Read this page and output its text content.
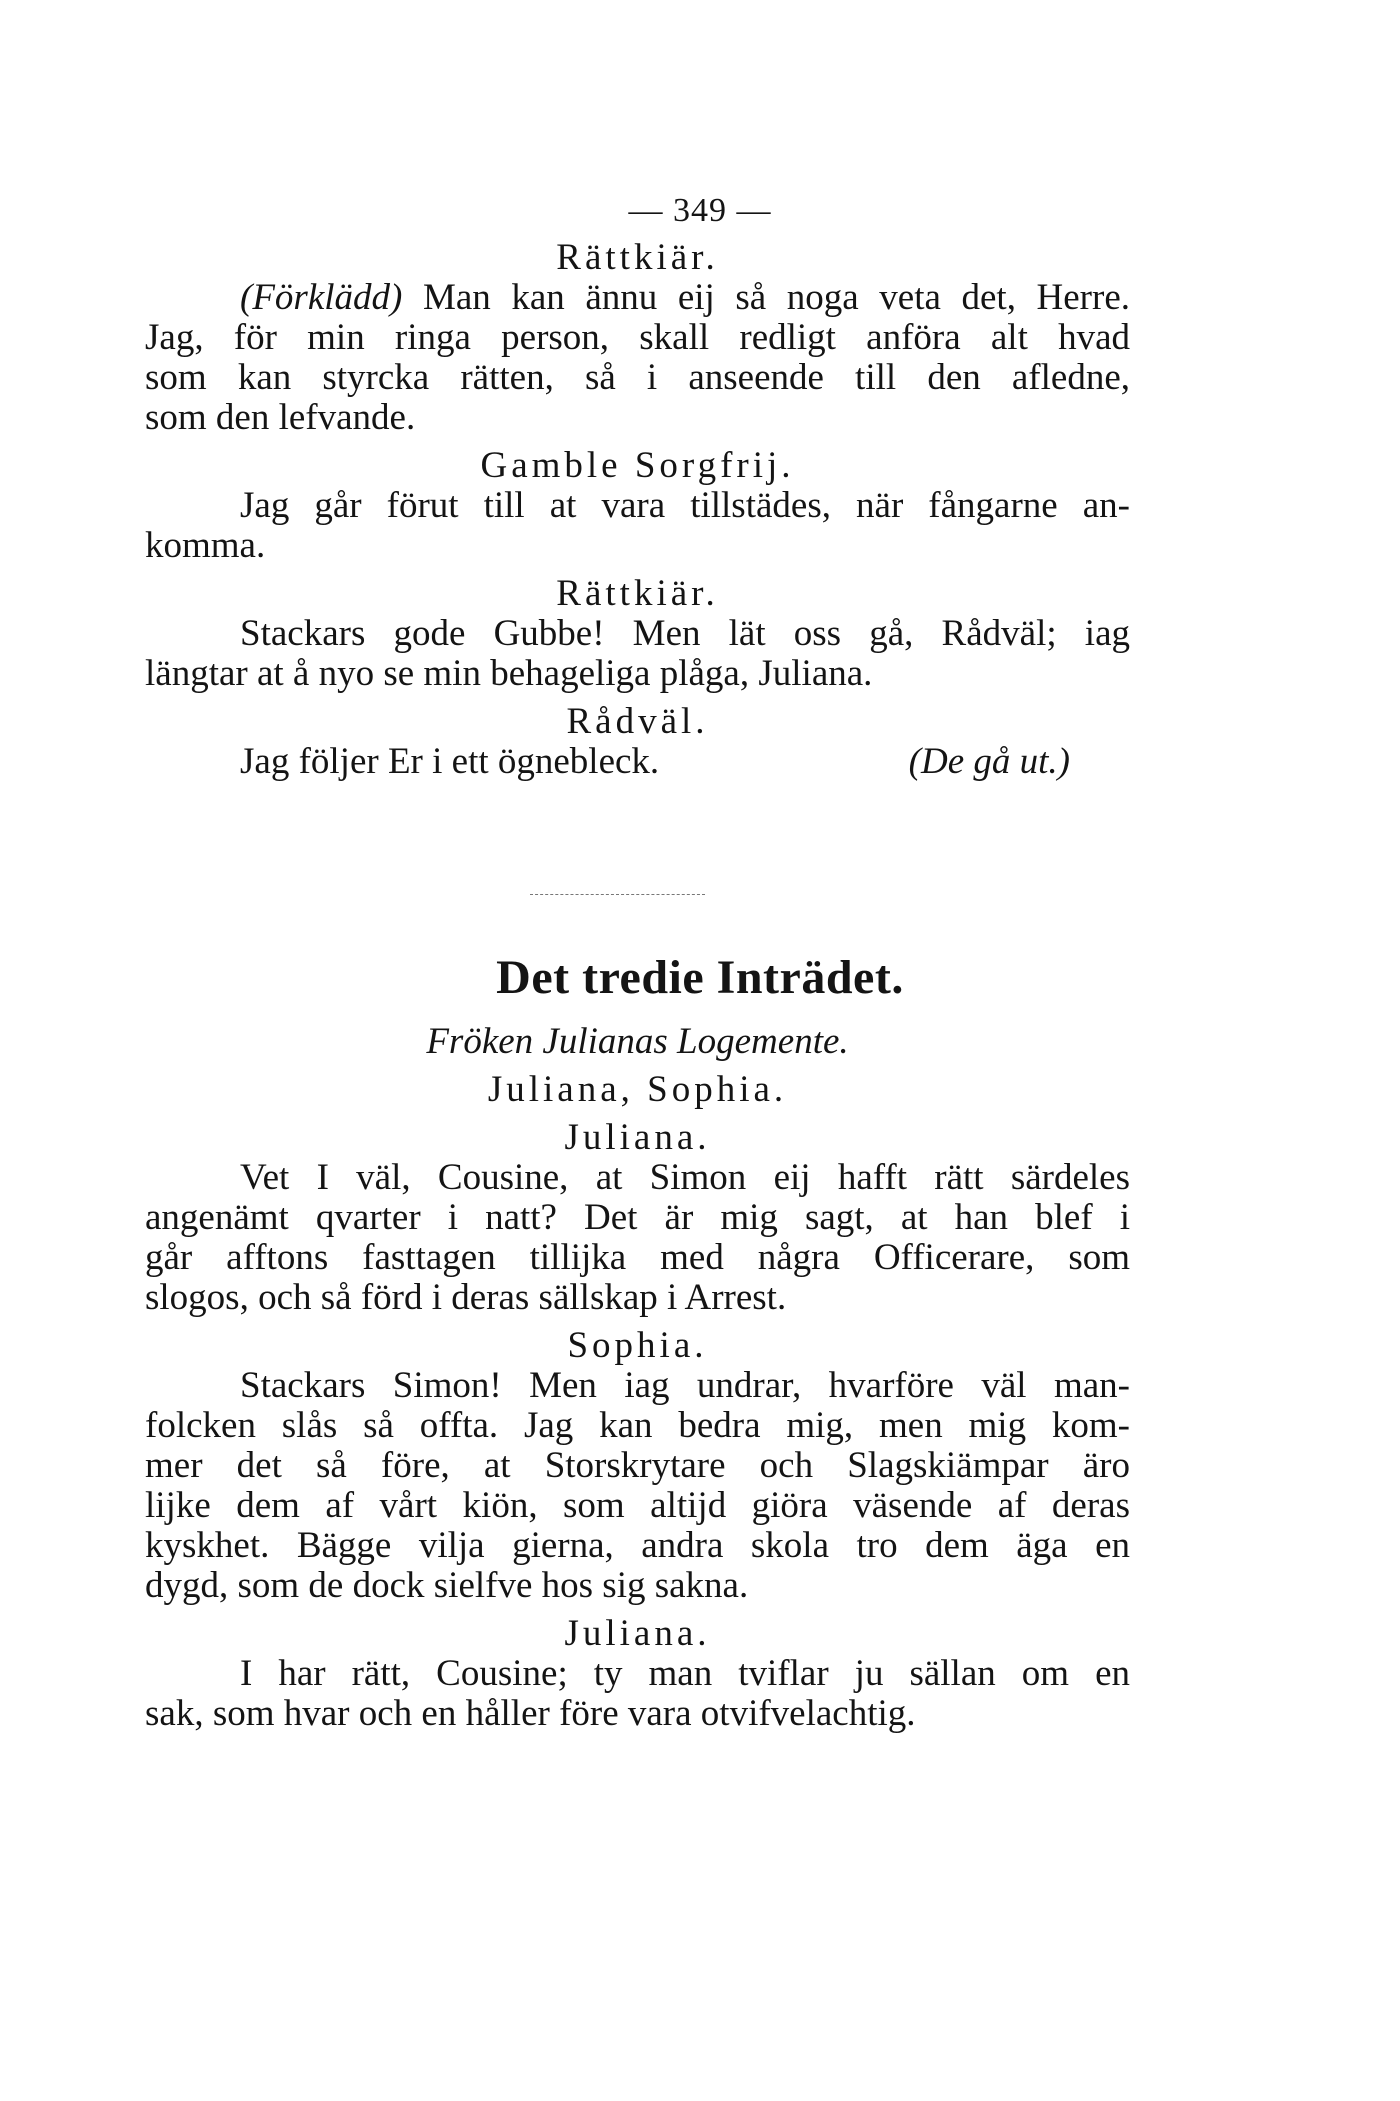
— 349 —
Rättkiär.
(Förklädd) Man kan ännu eij så noga veta det, Herre.
Jag, för min ringa person, skall redligt anföra alt hvad
som kan styrcka rätten, så i anseende till den afledne,
som den lefvande.
Gamble Sorgfrij.
Jag går förut till at vara tillstädes, när fångarne an-
komma.
Rättkiär.
Stackars gode Gubbe! Men lät oss gå, Rådväl; iag
längtar at å nyo se min behageliga plåga, Juliana.
Rådväl.
Jag följer Er i ett ögnebleck.	(De gå ut.)
Det tredie Inträdet.
Fröken Julianas Logemente.
Juliana, Sophia.
Juliana.
Vet I väl, Cousine, at Simon eij hafft rätt särdeles
angenämt qvarter i natt? Det är mig sagt, at han blef i
går afftons fasttagen tillijka med några Officerare, som
slogos, och så förd i deras sällskap i Arrest.
Sophia.
Stackars Simon! Men iag undrar, hvarföre väl man-
folcken slås så offta. Jag kan bedra mig, men mig kom-
mer det så före, at Storskrytare och Slagskiämpar äro
lijke dem af vårt kiön, som altijd giöra väsende af deras
kyskhet. Bägge vilja gierna, andra skola tro dem äga en
dygd, som de dock sielfve hos sig sakna.
Juliana.
I har rätt, Cousine; ty man tviflar ju sällan om en
sak, som hvar och en håller före vara otvifvelachtig.
